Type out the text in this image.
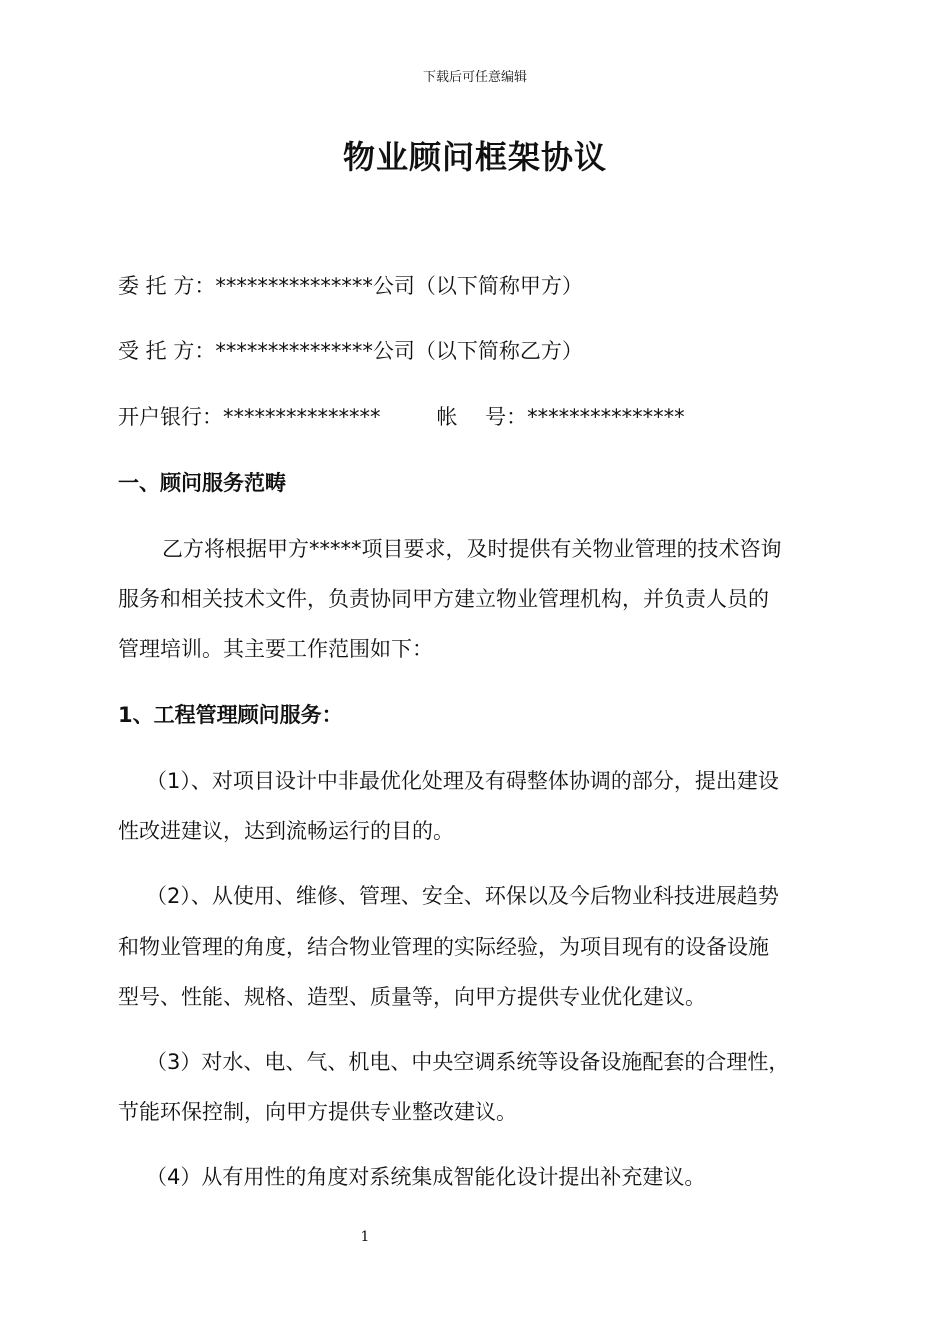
下载后可任意编辑
物业顾问框架协议
委 托 方：***************公司（以下简称甲方）
受 托 方：***************公司（以下简称乙方）
开户银行：***************	帐　 号：***************
一、顾问服务范畴
乙方将根据甲方*****项目要求，及时提供有关物业管理的技术咨询
服务和相关技术文件，负责协同甲方建立物业管理机构，并负责人员的
管理培训。其主要工作范围如下：
1、工程管理顾问服务：
（1）、对项目设计中非最优化处理及有碍整体协调的部分，提出建设
性改进建议，达到流畅运行的目的。
（2）、从使用、维修、管理、安全、环保以及今后物业科技进展趋势
和物业管理的角度，结合物业管理的实际经验，为项目现有的设备设施
型号、性能、规格、造型、质量等，向甲方提供专业优化建议。
（3）对水、电、气、机电、中央空调系统等设备设施配套的合理性，
节能环保控制，向甲方提供专业整改建议。
（4）从有用性的角度对系统集成智能化设计提出补充建议。
1
